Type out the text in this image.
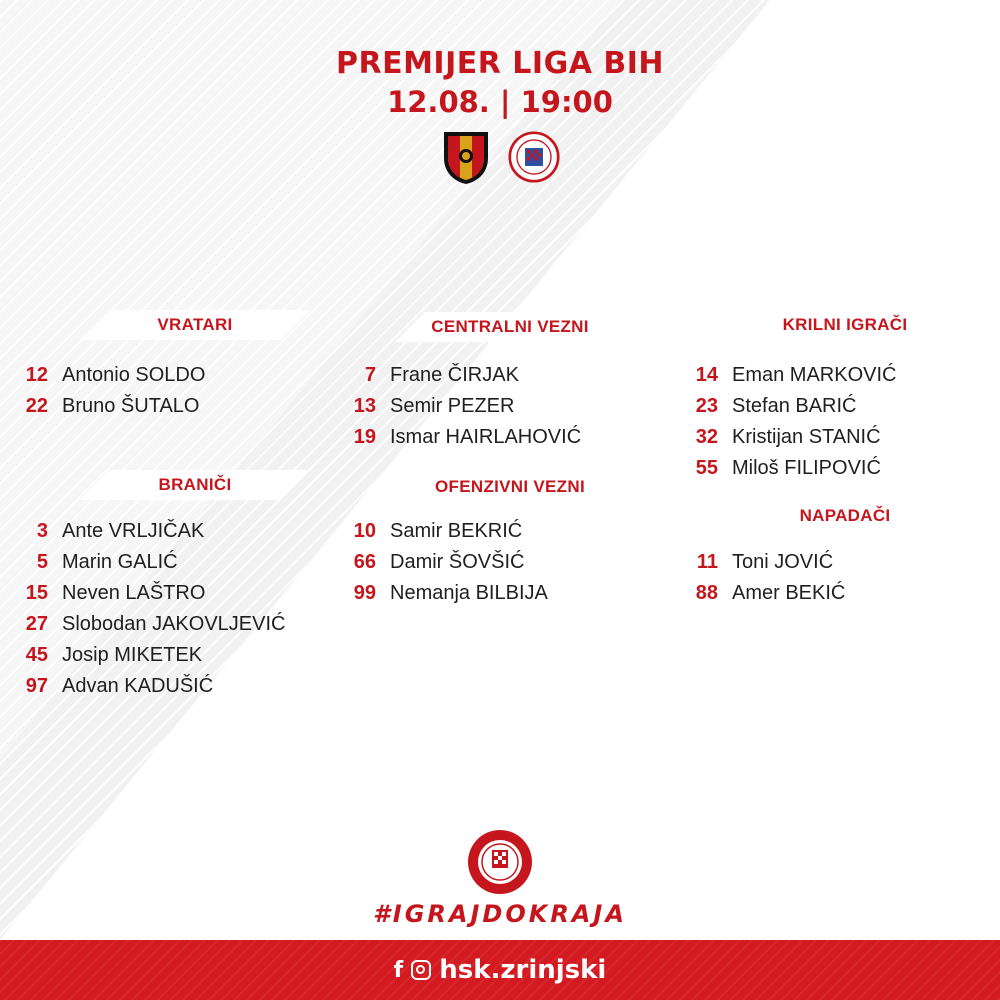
PREMIJER LIGA BIH
12.08. | 19:00
VRATARI
BRANIČI
CENTRALNI VEZNI
OFENZIVNI VEZNI
KRILNI IGRAČI
NAPADAČI
12 Antonio SOLDO
22 Bruno ŠUTALO
3 Ante VRLJIČAK
5 Marin GALIĆ
15 Neven LAŠTRO
27 Slobodan JAKOVLJEVIĆ
45 Josip MIKETEK
97 Advan KADUŠIĆ
7 Frane ČIRJAK
13 Semir PEZER
19 Ismar HAIRLAHOVIĆ
10 Samir BEKRIĆ
66 Damir ŠOVŠIĆ
99 Nemanja BILBIJA
14 Eman MARKOVIĆ
23 Stefan BARIĆ
32 Kristijan STANIĆ
55 Miloš FILIPOVIĆ
11 Toni JOVIĆ
88 Amer BEKIĆ
#IGRAJDOKRAJA
f hsk.zrinjski
